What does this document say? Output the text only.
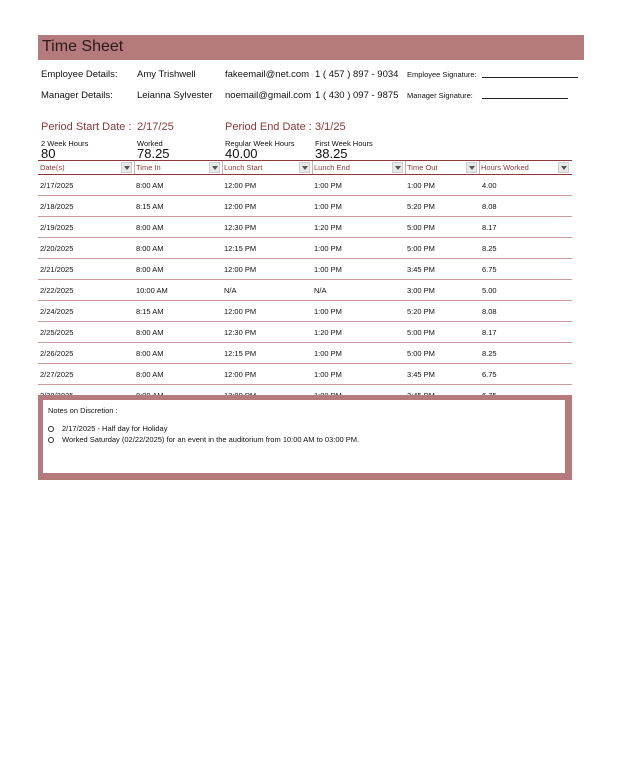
Time Sheet
Employee Details: Amy Trishwell	fakeemail@net.com 1 ( 457 ) 897 - 9034 Employee Signature:
Manager Details:	Leianna Sylvester noemail@gmail.com 1 ( 430 ) 097 - 9875 Manager Signature:
Period Start Date : 2/17/25	Period End Date : 3/1/25
2 Week Hours
80
Worked
78.25
Regular Week Hours
40.00
First Week Hours
38.25
Date(s)	Time In	Lunch Start	Lunch End	Time Out	Hours Worked
2/17/2025	8:00 AM	12:00 PM	1:00 PM	1:00 PM	4.00
2/18/2025	8:15 AM	12:00 PM	1:00 PM	5:20 PM	8.08
2/19/2025	8:00 AM	12:30 PM	1:20 PM	5:00 PM	8.17
2/20/2025	8:00 AM	12:15 PM	1:00 PM	5:00 PM	8.25
2/21/2025	8:00 AM	12:00 PM	1:00 PM	3:45 PM	6.75
2/22/2025	10:00 AM	N/A	N/A	3:00 PM	5.00
2/24/2025	8:15 AM	12:00 PM	1:00 PM	5:20 PM	8.08
2/25/2025	8:00 AM	12:30 PM	1:20 PM	5:00 PM	8.17
2/26/2025	8:00 AM	12:15 PM	1:00 PM	5:00 PM	8.25
2/27/2025	8:00 AM	12:00 PM	1:00 PM	3:45 PM	6.75
Notes on Discretion :
2/17/2025 - Half day for Holiday
Worked Saturday (02/22/2025) for an event in the auditorium from 10:00 AM to 03:00 PM.
